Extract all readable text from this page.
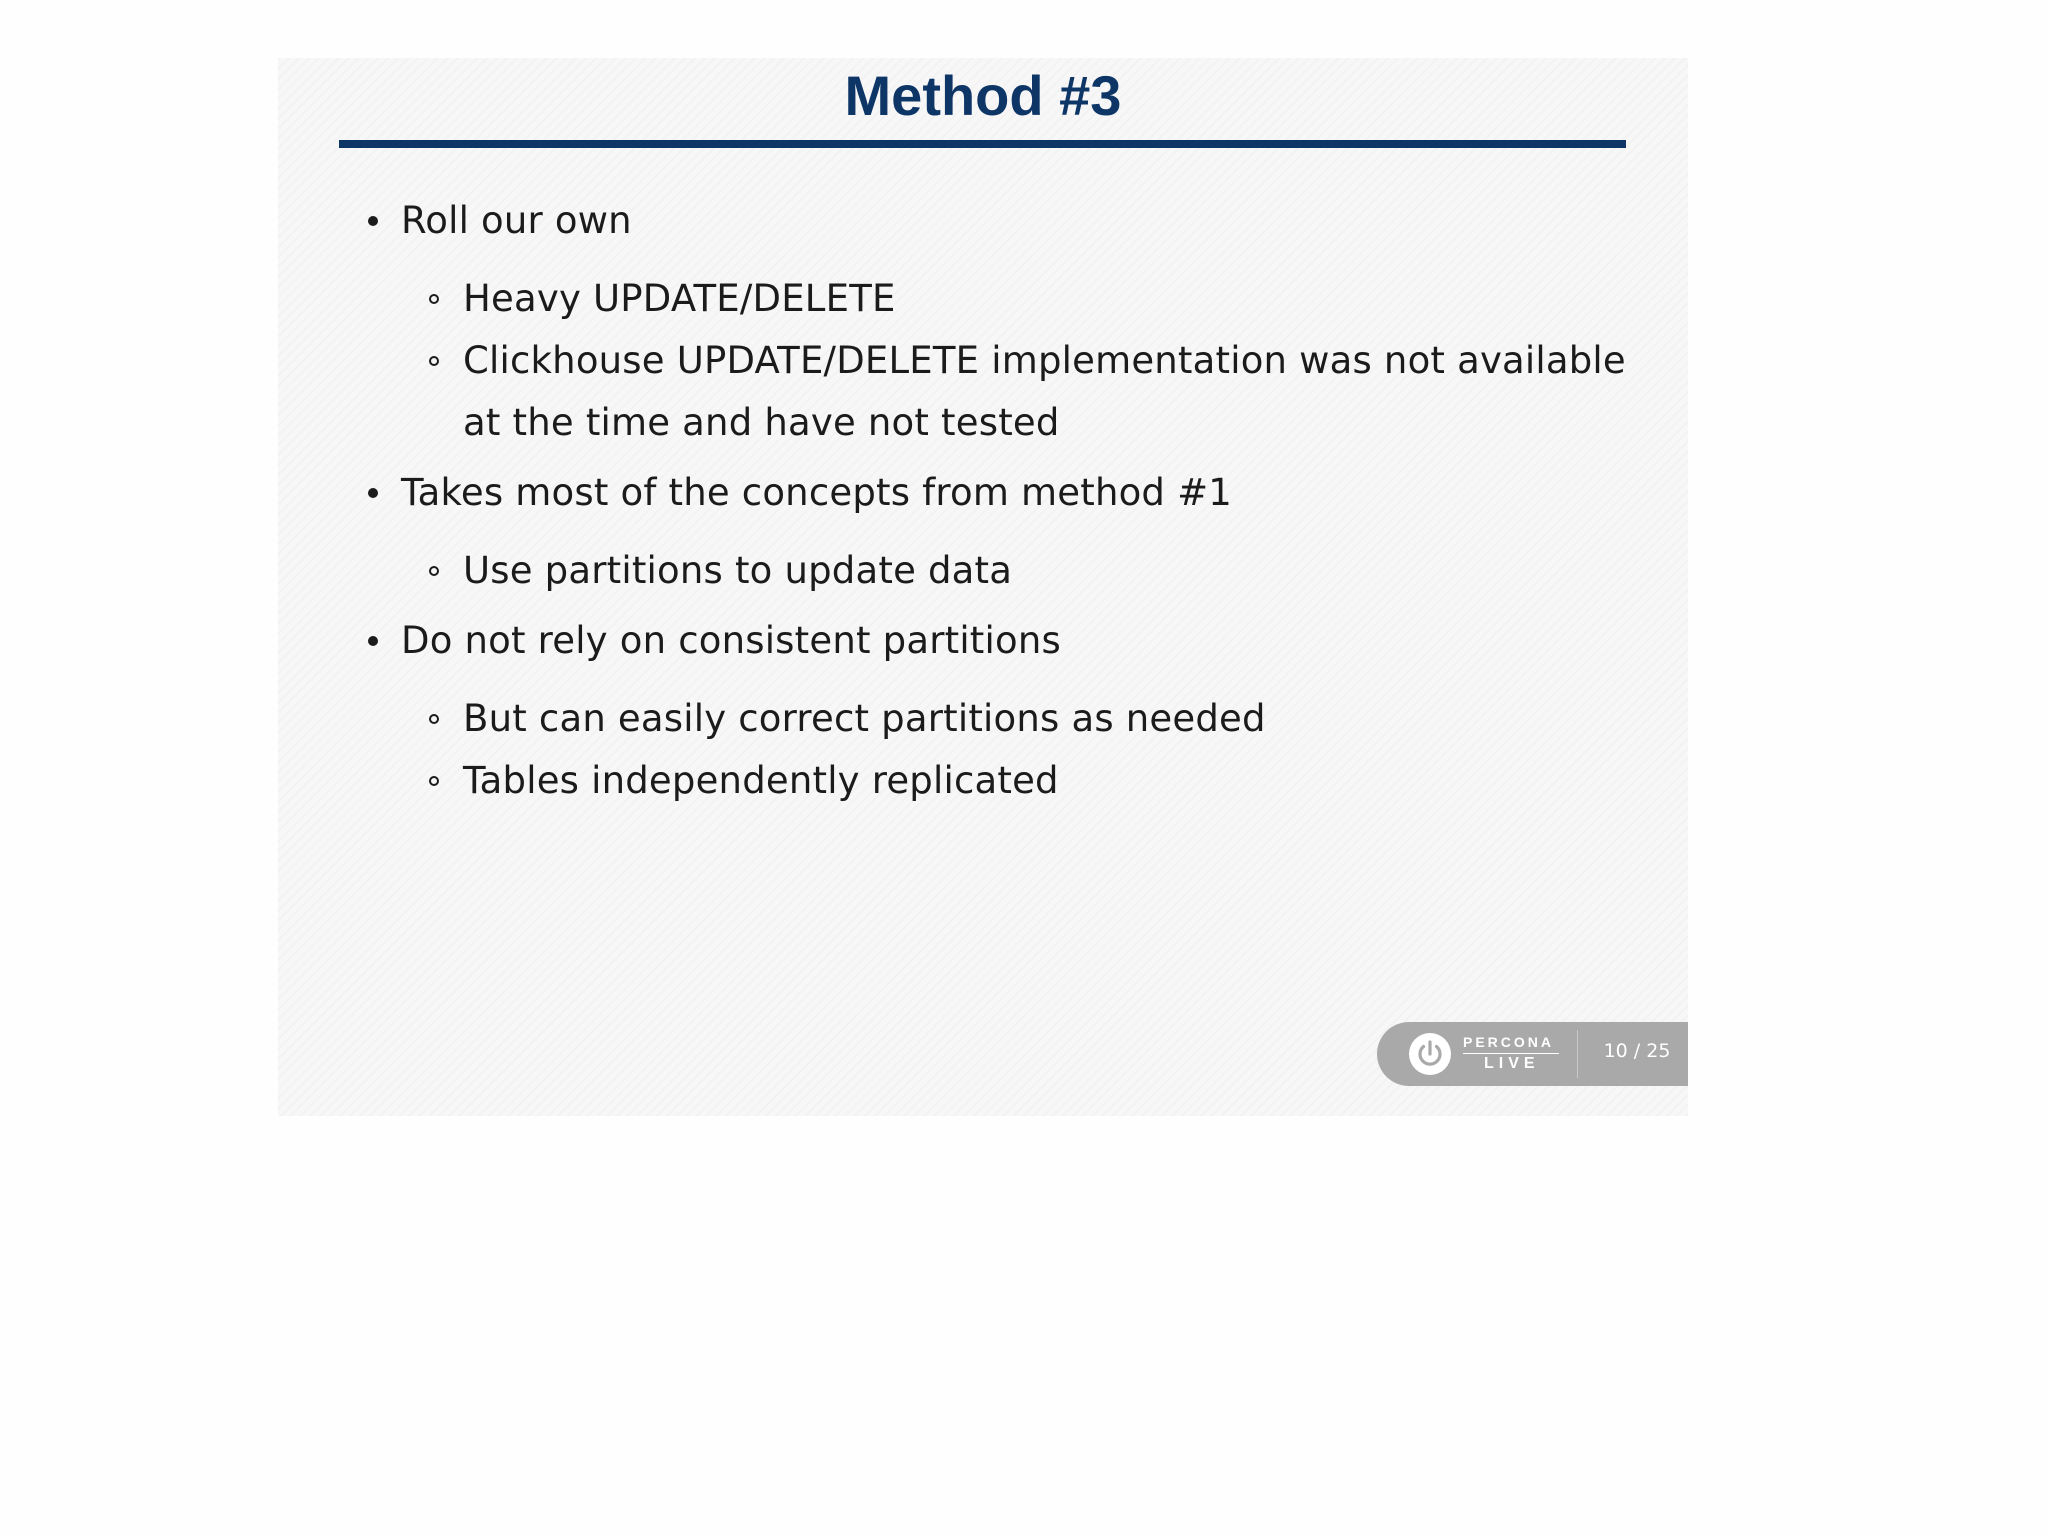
Method #3
Roll our own
Heavy UPDATE/DELETE
Clickhouse UPDATE/DELETE implementation was not available
at the time and have not tested
Takes most of the concepts from method #1
Use partitions to update data
Do not rely on consistent partitions
But can easily correct partitions as needed
Tables independently replicated
PERCONA
LIVE
10 / 25
